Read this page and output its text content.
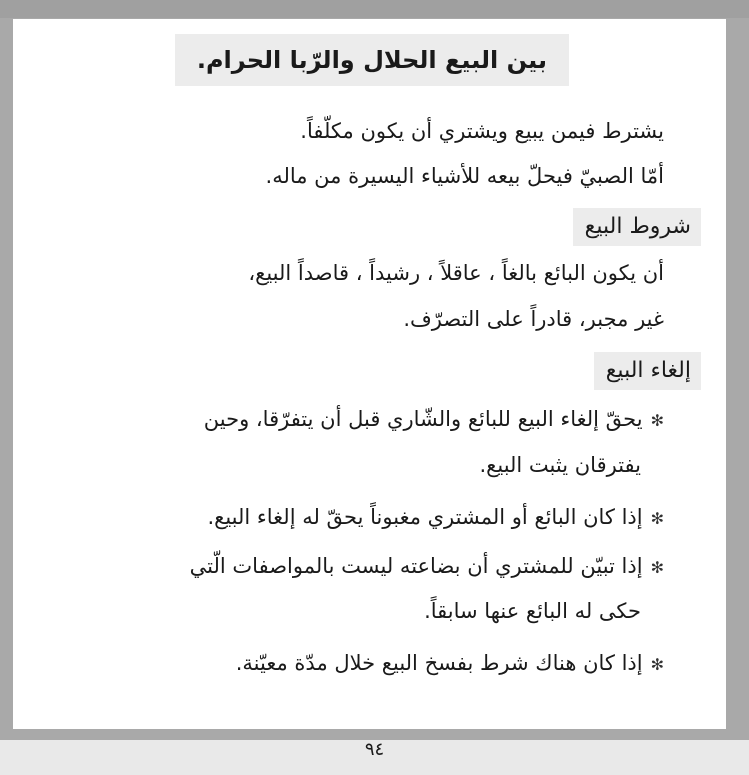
بين البيع الحلال والرّبا الحرام.
يشترط فيمن يبيع ويشتري أن يكون مكلّفاً.
أمّا الصبيّ فيحلّ بيعه للأشياء اليسيرة من ماله.
شروط البيع
أن يكون البائع بالغاً ، عاقلاً ، رشيداً ، قاصداً البيع،
غير مجبر، قادراً على التصرّف.
إلغاء البيع
✻يحقّ إلغاء البيع للبائع والشّاري قبل أن يتفرّقا، وحين
يفترقان يثبت البيع.
✻إذا كان البائع أو المشتري مغبوناً يحقّ له إلغاء البيع.
✻إذا تبيّن للمشتري أن بضاعته ليست بالمواصفات الّتي
حكى له البائع عنها سابقاً.
✻إذا كان هناك شرط بفسخ البيع خلال مدّة معيّنة.
٩٤
